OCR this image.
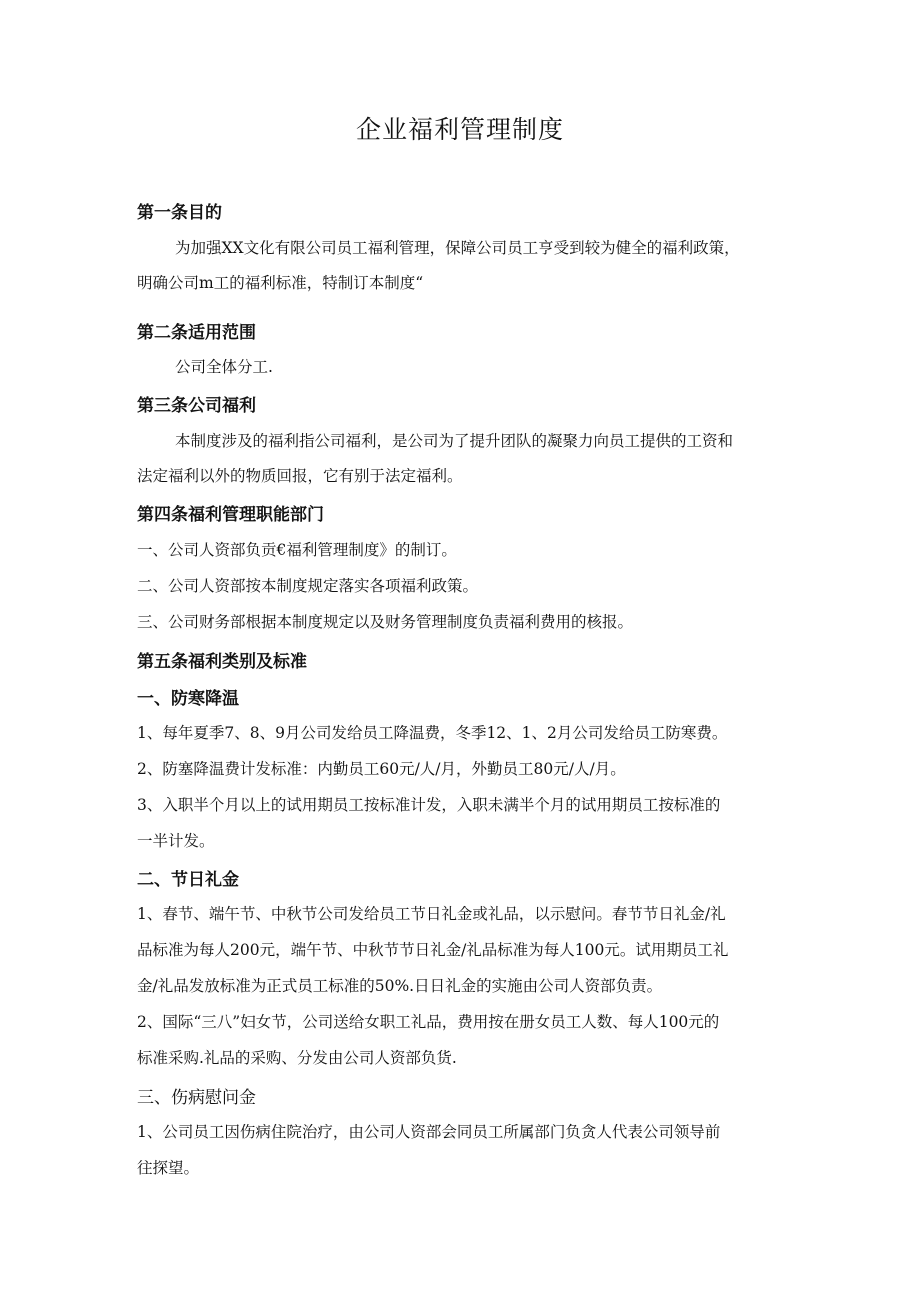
企业福利管理制度
第一条目的
为加强XX文化有限公司员工福利管理，保障公司员工亨受到较为健全的福利政策，
明确公司m工的福利标准，特制订本制度“
第二条适用范围
公司全体分工.
第三条公司福利
本制度涉及的福利指公司福利，是公司为了提升团队的凝聚力向员工提供的工资和
法定福利以外的物质回报，它有别于法定福利。
第四条福利管理职能部门
一、公司人资部负贡€福利管理制度》的制订。
二、公司人资部按本制度规定落实各项福利政策。
三、公司财务部根据本制度规定以及财务管理制度负责福利费用的核报。
第五条福利类别及标准
一、防寒降温
1、每年夏季7、8、9月公司发给员工降温费，冬季12、1、2月公司发给员工防寒费。
2、防塞降温费计发标准：内勤员工60元/人/月，外勤员工80元/人/月。
3、入职半个月以上的试用期员工按标准计发，入职未满半个月的试用期员工按标准的
一半计发。
二、节日礼金
1、春节、端午节、中秋节公司发给员工节日礼金或礼品，以示慰问。春节节日礼金/礼
品标准为每人200元，端午节、中秋节节日礼金/礼品标准为每人100元。试用期员工礼
金/礼品发放标准为正式员工标准的50%.日日礼金的实施由公司人资部负责。
2、国际“三八”妇女节，公司送给女职工礼品，费用按在册女员工人数、每人100元的
标准采购.礼品的采购、分发由公司人资部负货.
三、伤病慰问金
1、公司员工因伤病住院治疗，由公司人资部会同员工所属部门负贪人代表公司领导前
往探望。
